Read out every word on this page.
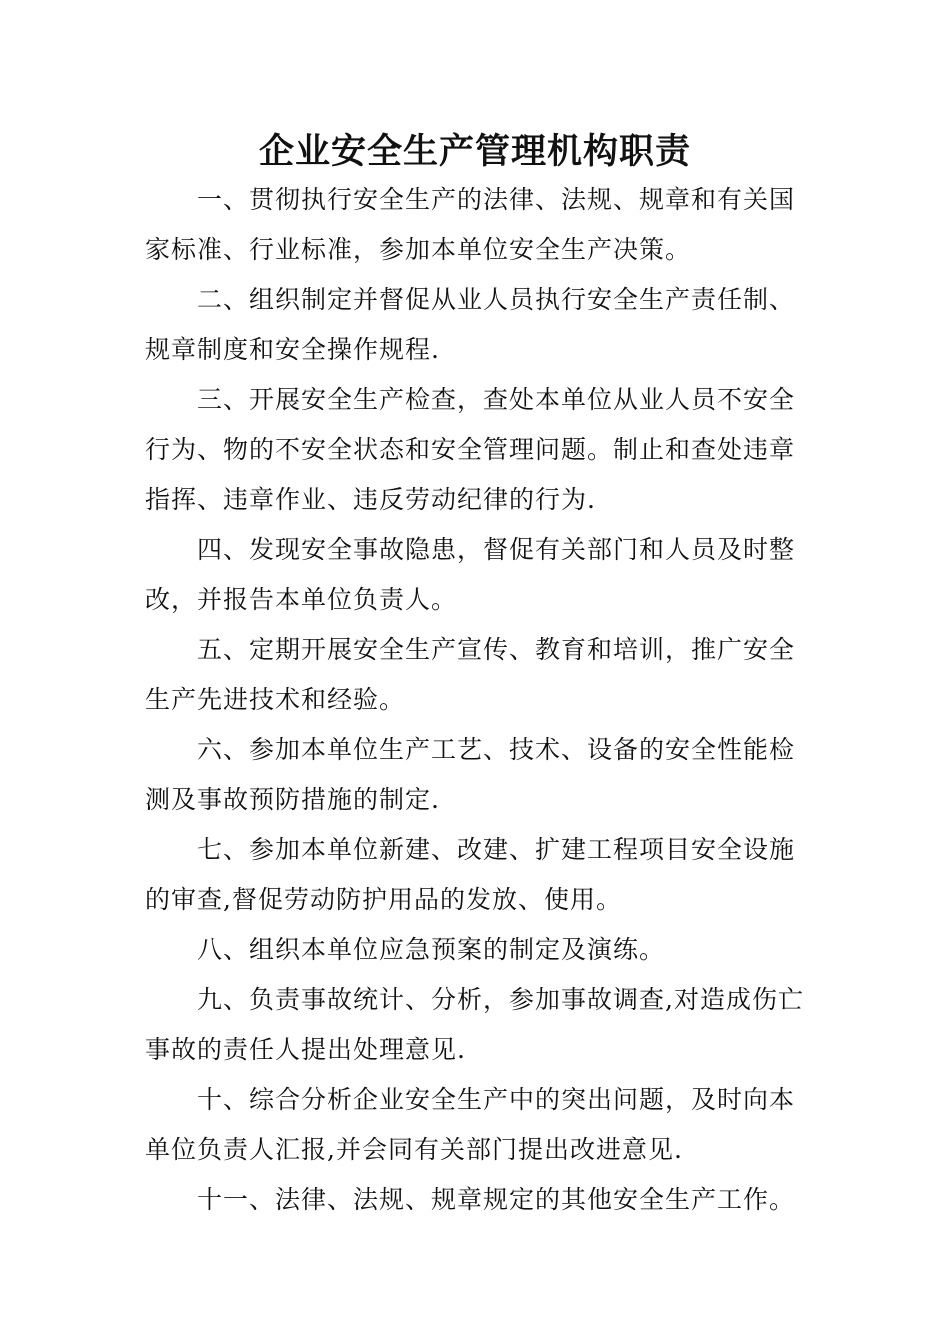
企业安全生产管理机构职责

一、贯彻执行安全生产的法律、法规、规章和有关国家标准、行业标准，参加本单位安全生产决策。

二、组织制定并督促从业人员执行安全生产责任制、规章制度和安全操作规程.

三、开展安全生产检查，查处本单位从业人员不安全行为、物的不安全状态和安全管理问题。制止和查处违章指挥、违章作业、违反劳动纪律的行为.

四、发现安全事故隐患，督促有关部门和人员及时整改，并报告本单位负责人。

五、定期开展安全生产宣传、教育和培训，推广安全生产先进技术和经验。

六、参加本单位生产工艺、技术、设备的安全性能检测及事故预防措施的制定.

七、参加本单位新建、改建、扩建工程项目安全设施的审查,督促劳动防护用品的发放、使用。

八、组织本单位应急预案的制定及演练。

九、负责事故统计、分析，参加事故调查,对造成伤亡事故的责任人提出处理意见.

十、综合分析企业安全生产中的突出问题，及时向本单位负责人汇报,并会同有关部门提出改进意见.

十一、法律、法规、规章规定的其他安全生产工作。
